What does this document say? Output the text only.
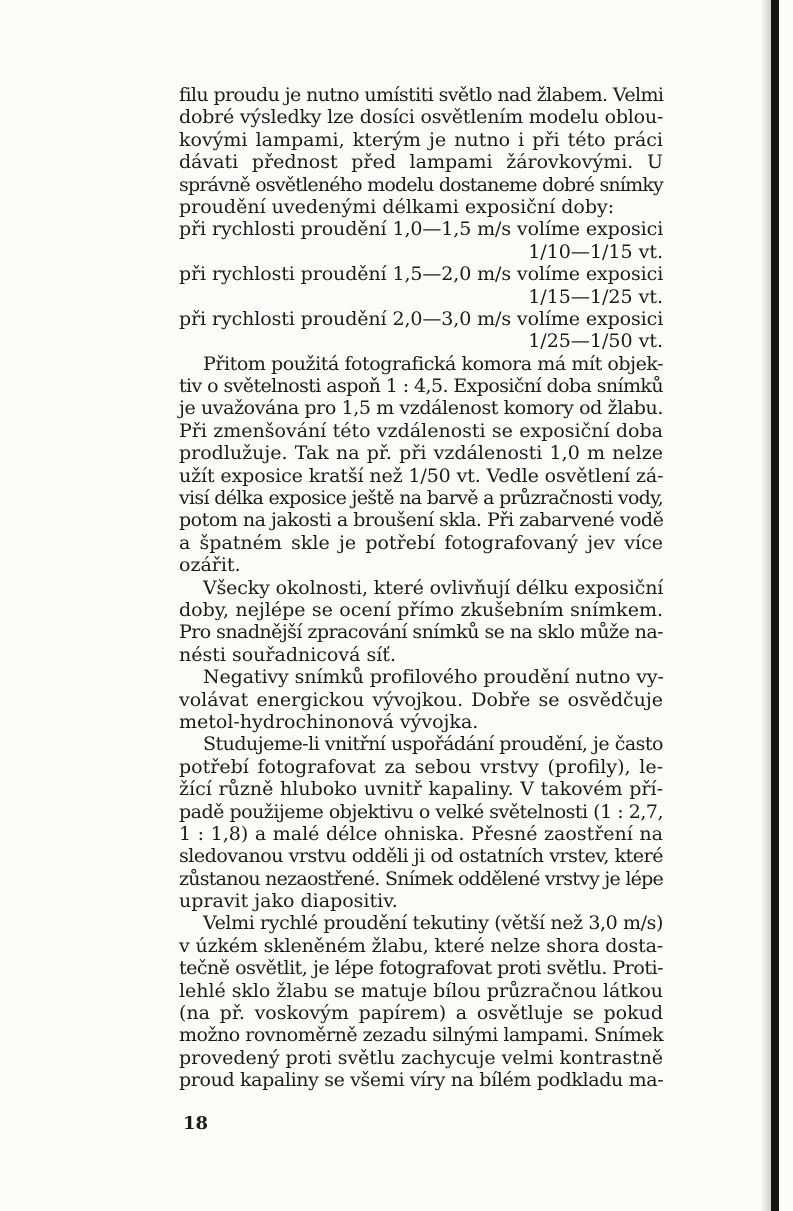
filu proudu je nutno umístiti světlo nad žlabem. Velmi
dobré výsledky lze dosíci osvětlením modelu oblou-
kovými lampami, kterým je nutno i při této práci
dávati přednost před lampami žárovkovými. U
správně osvětleného modelu dostaneme dobré snímky
proudění uvedenými délkami exposiční doby:
při rychlosti proudění 1,0—1,5 m/s volíme exposici
1/10—1/15 vt.
při rychlosti proudění 1,5—2,0 m/s volíme exposici
1/15—1/25 vt.
při rychlosti proudění 2,0—3,0 m/s volíme exposici
1/25—1/50 vt.
Přitom použitá fotografická komora má mít objek-
tiv o světelnosti aspoň 1 : 4,5. Exposiční doba snímků
je uvažována pro 1,5 m vzdálenost komory od žlabu.
Při zmenšování této vzdálenosti se exposiční doba
prodlužuje. Tak na př. při vzdálenosti 1,0 m nelze
užít exposice kratší než 1/50 vt. Vedle osvětlení zá-
visí délka exposice ještě na barvě a průzračnosti vody,
potom na jakosti a broušení skla. Při zabarvené vodě
a špatném skle je potřebí fotografovaný jev více
ozářit.
Všecky okolnosti, které ovlivňují délku exposiční
doby, nejlépe se ocení přímo zkušebním snímkem.
Pro snadnější zpracování snímků se na sklo může na-
nésti souřadnicová síť.
Negativy snímků profilového proudění nutno vy-
volávat energickou vývojkou. Dobře se osvědčuje
metol-hydrochinonová vývojka.
Studujeme-li vnitřní uspořádání proudění, je často
potřebí fotografovat za sebou vrstvy (profily), le-
žící různě hluboko uvnitř kapaliny. V takovém pří-
padě použijeme objektivu o velké světelnosti (1 : 2,7,
1 : 1,8) a malé délce ohniska. Přesné zaostření na
sledovanou vrstvu odděli ji od ostatních vrstev, které
zůstanou nezaostřené. Snímek oddělené vrstvy je lépe
upravit jako diapositiv.
Velmi rychlé proudění tekutiny (větší než 3,0 m/s)
v úzkém skleněném žlabu, které nelze shora dosta-
tečně osvětlit, je lépe fotografovat proti světlu. Proti-
lehlé sklo žlabu se matuje bílou průzračnou látkou
(na př. voskovým papírem) a osvětluje se pokud
možno rovnoměrně zezadu silnými lampami. Snímek
provedený proti světlu zachycuje velmi kontrastně
proud kapaliny se všemi víry na bílém podkladu ma-
18
